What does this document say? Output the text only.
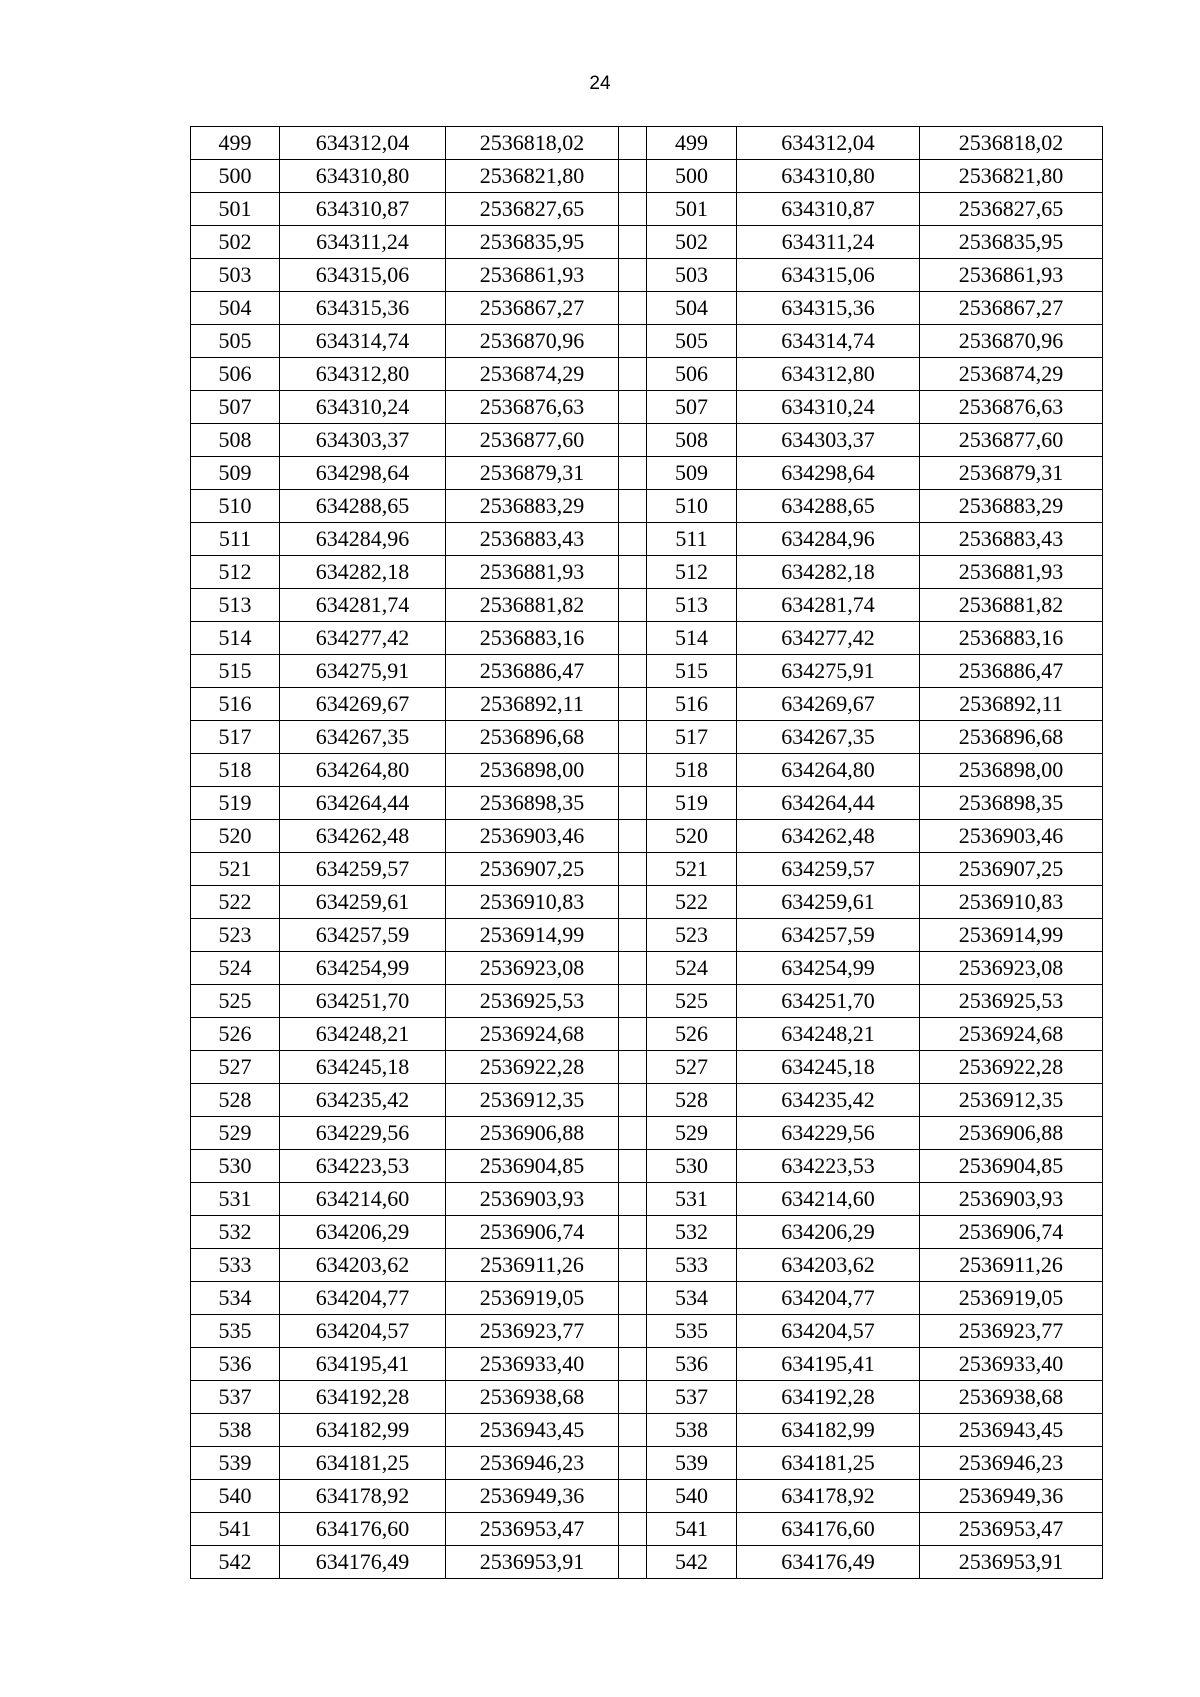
24
499	634312,04	2536818,02		499	634312,04	2536818,02
500	634310,80	2536821,80		500	634310,80	2536821,80
501	634310,87	2536827,65		501	634310,87	2536827,65
502	634311,24	2536835,95		502	634311,24	2536835,95
503	634315,06	2536861,93		503	634315,06	2536861,93
504	634315,36	2536867,27		504	634315,36	2536867,27
505	634314,74	2536870,96		505	634314,74	2536870,96
506	634312,80	2536874,29		506	634312,80	2536874,29
507	634310,24	2536876,63		507	634310,24	2536876,63
508	634303,37	2536877,60		508	634303,37	2536877,60
509	634298,64	2536879,31		509	634298,64	2536879,31
510	634288,65	2536883,29		510	634288,65	2536883,29
511	634284,96	2536883,43		511	634284,96	2536883,43
512	634282,18	2536881,93		512	634282,18	2536881,93
513	634281,74	2536881,82		513	634281,74	2536881,82
514	634277,42	2536883,16		514	634277,42	2536883,16
515	634275,91	2536886,47		515	634275,91	2536886,47
516	634269,67	2536892,11		516	634269,67	2536892,11
517	634267,35	2536896,68		517	634267,35	2536896,68
518	634264,80	2536898,00		518	634264,80	2536898,00
519	634264,44	2536898,35		519	634264,44	2536898,35
520	634262,48	2536903,46		520	634262,48	2536903,46
521	634259,57	2536907,25		521	634259,57	2536907,25
522	634259,61	2536910,83		522	634259,61	2536910,83
523	634257,59	2536914,99		523	634257,59	2536914,99
524	634254,99	2536923,08		524	634254,99	2536923,08
525	634251,70	2536925,53		525	634251,70	2536925,53
526	634248,21	2536924,68		526	634248,21	2536924,68
527	634245,18	2536922,28		527	634245,18	2536922,28
528	634235,42	2536912,35		528	634235,42	2536912,35
529	634229,56	2536906,88		529	634229,56	2536906,88
530	634223,53	2536904,85		530	634223,53	2536904,85
531	634214,60	2536903,93		531	634214,60	2536903,93
532	634206,29	2536906,74		532	634206,29	2536906,74
533	634203,62	2536911,26		533	634203,62	2536911,26
534	634204,77	2536919,05		534	634204,77	2536919,05
535	634204,57	2536923,77		535	634204,57	2536923,77
536	634195,41	2536933,40		536	634195,41	2536933,40
537	634192,28	2536938,68		537	634192,28	2536938,68
538	634182,99	2536943,45		538	634182,99	2536943,45
539	634181,25	2536946,23		539	634181,25	2536946,23
540	634178,92	2536949,36		540	634178,92	2536949,36
541	634176,60	2536953,47		541	634176,60	2536953,47
542	634176,49	2536953,91		542	634176,49	2536953,91
